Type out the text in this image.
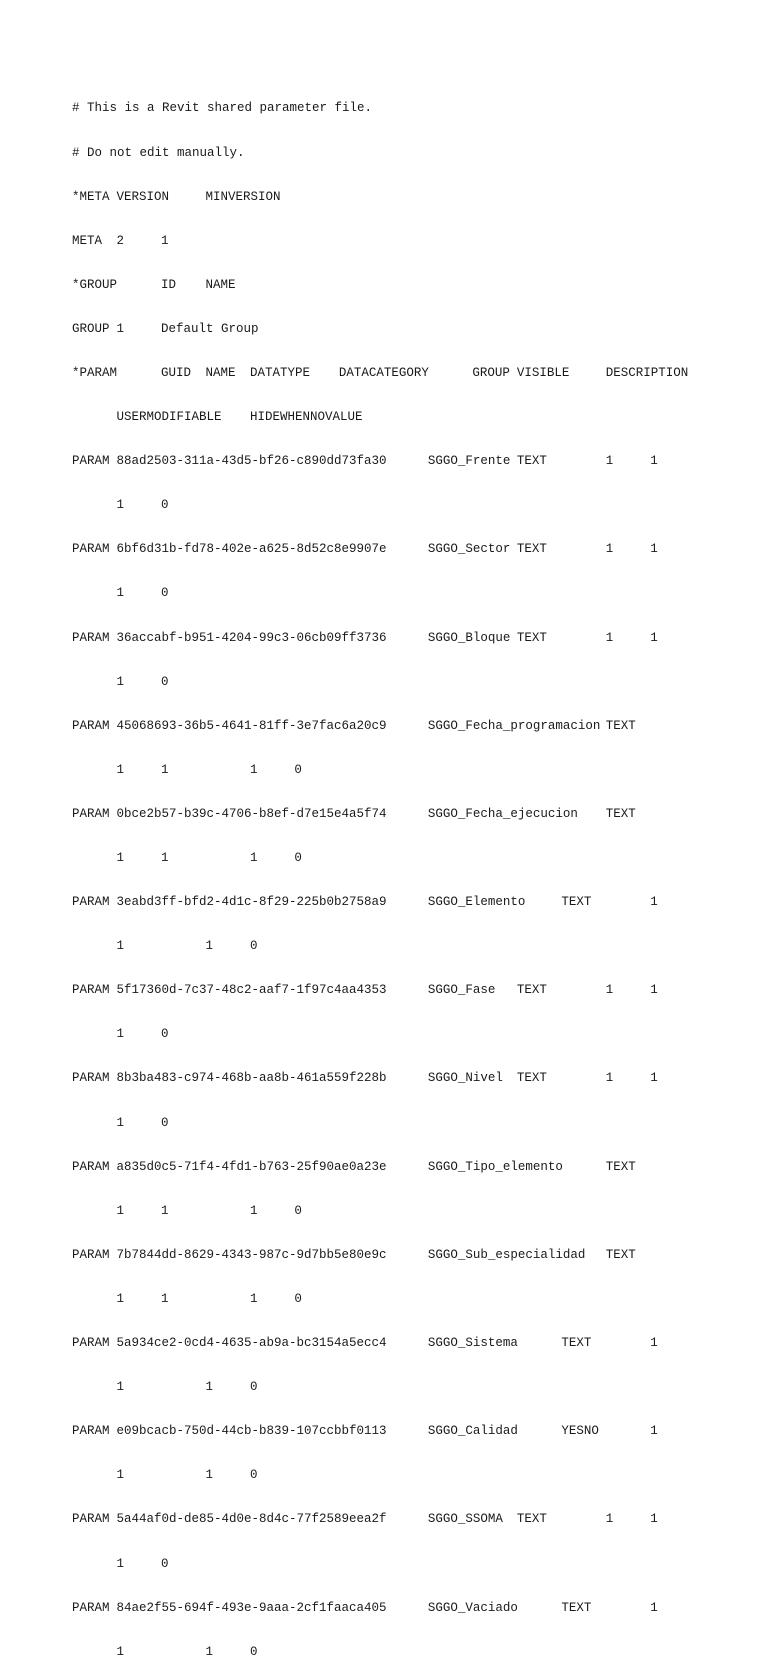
# This is a Revit shared parameter file.

# Do not edit manually.

*META	VERSION	MINVERSION

META	2	1

*GROUP	ID	NAME

GROUP	1	Default Group

*PARAM	GUID	NAME	DATATYPE	DATACATEGORY	GROUP	VISIBLE	DESCRIPTION

	USERMODIFIABLE	HIDEWHENNOVALUE

PARAM	88ad2503-311a-43d5-bf26-c890dd73fa30	SGGO_Frente	TEXT		1	1

	1	0

PARAM	6bf6d31b-fd78-402e-a625-8d52c8e9907e	SGGO_Sector	TEXT		1	1

	1	0

PARAM	36accabf-b951-4204-99c3-06cb09ff3736	SGGO_Bloque	TEXT		1	1

	1	0

PARAM	45068693-36b5-4641-81ff-3e7fac6a20c9	SGGO_Fecha_programacion	TEXT

	1	1		1	0

PARAM	0bce2b57-b39c-4706-b8ef-d7e15e4a5f74	SGGO_Fecha_ejecucion	TEXT

	1	1		1	0

PARAM	3eabd3ff-bfd2-4d1c-8f29-225b0b2758a9	SGGO_Elemento	TEXT		1

	1		1	0

PARAM	5f17360d-7c37-48c2-aaf7-1f97c4aa4353	SGGO_Fase	TEXT		1	1

	1	0

PARAM	8b3ba483-c974-468b-aa8b-461a559f228b	SGGO_Nivel	TEXT		1	1

	1	0

PARAM	a835d0c5-71f4-4fd1-b763-25f90ae0a23e	SGGO_Tipo_elemento	TEXT

	1	1		1	0

PARAM	7b7844dd-8629-4343-987c-9d7bb5e80e9c	SGGO_Sub_especialidad	TEXT

	1	1		1	0

PARAM	5a934ce2-0cd4-4635-ab9a-bc3154a5ecc4	SGGO_Sistema	TEXT		1

	1		1	0

PARAM	e09bcacb-750d-44cb-b839-107ccbbf0113	SGGO_Calidad	YESNO		1

	1		1	0

PARAM	5a44af0d-de85-4d0e-8d4c-77f2589eea2f	SGGO_SSOMA	TEXT		1	1

	1	0

PARAM	84ae2f55-694f-493e-9aaa-2cf1faaca405	SGGO_Vaciado	TEXT		1

	1		1	0
